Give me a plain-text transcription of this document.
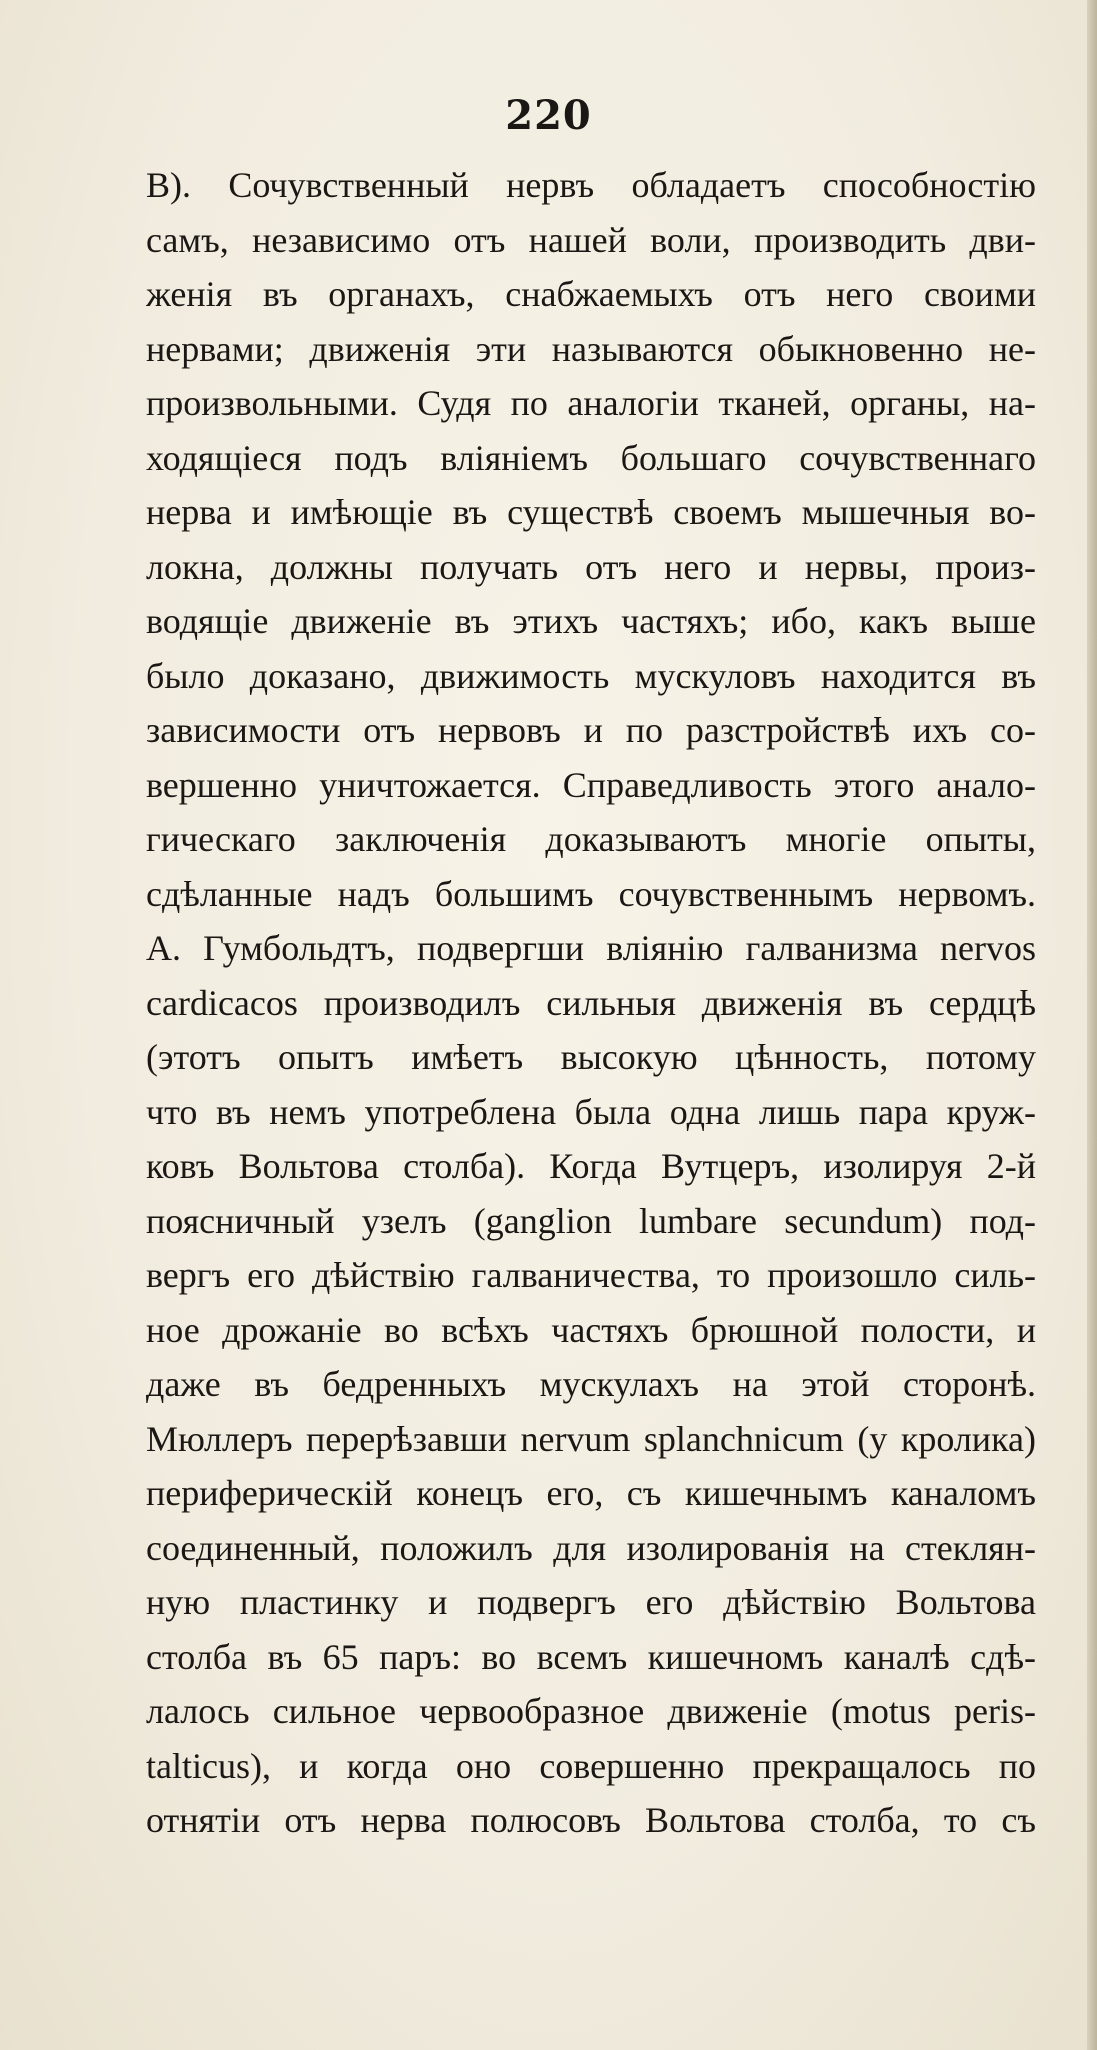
220
В). Сочувственный нервъ обладаетъ способностію
самъ, независимо отъ нашей воли, производить дви-
женія въ органахъ, снабжаемыхъ отъ него своими
нервами; движенія эти называются обыкновенно не-
произвольными. Судя по аналогіи тканей, органы, на-
ходящіеся подъ вліяніемъ большаго сочувственнаго
нерва и имѣющіе въ существѣ своемъ мышечныя во-
локна, должны получать отъ него и нервы, произ-
водящіе движеніе въ этихъ частяхъ; ибо, какъ выше
было доказано, движимость мускуловъ находится въ
зависимости отъ нервовъ и по разстройствѣ ихъ со-
вершенно уничтожается. Справедливость этого анало-
гическаго заключенія доказываютъ многіе опыты,
сдѣланные надъ большимъ сочувственнымъ нервомъ.
А. Гумбольдтъ, подвергши вліянію галванизма nervos
cardicacos производилъ сильныя движенія въ сердцѣ
(этотъ опытъ имѣетъ высокую цѣнность, потому
что въ немъ употреблена была одна лишь пара круж-
ковъ Вольтова столба). Когда Вутцеръ, изолируя 2-й
поясничный узелъ (ganglion lumbare secundum) под-
вергъ его дѣйствію галваничества, то произошло силь-
ное дрожаніе во всѣхъ частяхъ брюшной полости, и
даже въ бедренныхъ мускулахъ на этой сторонѣ.
Мюллеръ перерѣзавши nervum splanchnicum (у кролика)
периферическій конецъ его, съ кишечнымъ каналомъ
соединенный, положилъ для изолированія на стеклян-
ную пластинку и подвергъ его дѣйствію Вольтова
столба въ 65 паръ: во всемъ кишечномъ каналѣ сдѣ-
лалось сильное червообразное движеніе (motus peris-
talticus), и когда оно совершенно прекращалось по
отнятіи отъ нерва полюсовъ Вольтова столба, то съ
